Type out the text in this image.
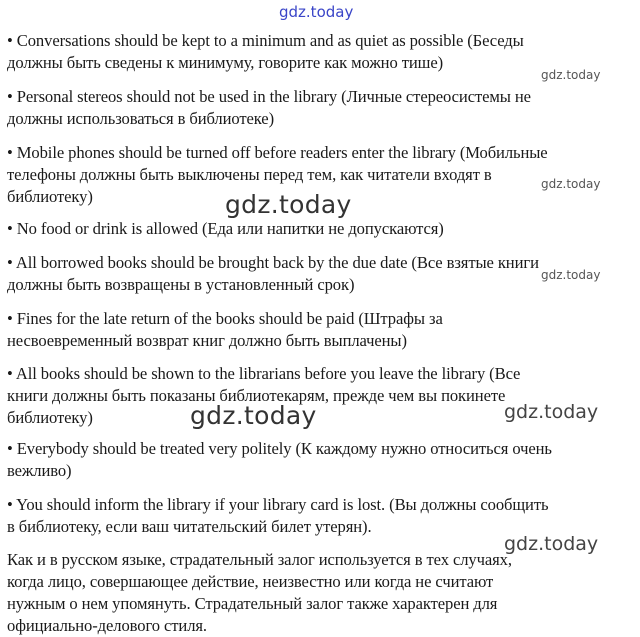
• Conversations should be kept to a minimum and as quiet as possible (Беседы
должны быть сведены к минимуму, говорите как можно тише)
• Personal stereos should not be used in the library (Личные стереосистемы не
должны использоваться в библиотеке)
• Mobile phones should be turned off before readers enter the library (Мобильные
телефоны должны быть выключены перед тем, как читатели входят в
библиотеку)
• No food or drink is allowed (Еда или напитки не допускаются)
• All borrowed books should be brought back by the due date (Все взятые книги
должны быть возвращены в установленный срок)
• Fines for the late return of the books should be paid (Штрафы за
несвоевременный возврат книг должно быть выплачены)
• All books should be shown to the librarians before you leave the library (Все
книги должны быть показаны библиотекарям, прежде чем вы покинете
библиотеку)
• Everybody should be treated very politely (К каждому нужно относиться очень
вежливо)
• You should inform the library if your library card is lost. (Вы должны сообщить
в библиотеку, если ваш читательский билет утерян).
Как и в русском языке, страдательный залог используется в тех случаях,
когда лицо, совершающее действие, неизвестно или когда не считают
нужным о нем упомянуть. Страдательный залог также характерен для
официально-делового стиля.
gdz.today
gdz.today
gdz.today
gdz.today
gdz.today
gdz.today	gdz.today
gdz.today
